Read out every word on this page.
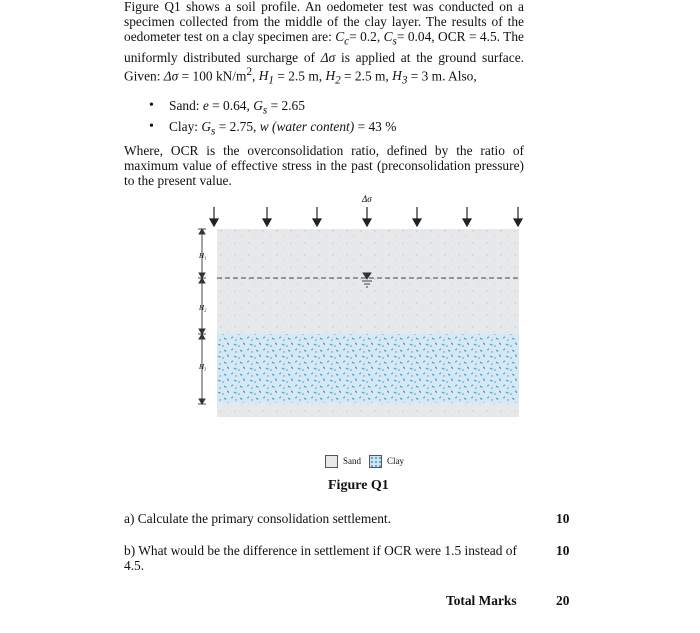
Figure Q1 shows a soil profile. An oedometer test was conducted on a specimen collected from the middle of the clay layer. The results of the oedometer test on a clay specimen are: $C_c= 0.2$, $C_s= 0.04$, OCR = 4.5. The uniformly distributed surcharge of Δσ is applied at the ground surface. Given: Δσ = 100 $kN/m^2$, $H_1 = 2.5$ m, $H_2 = 2.5$ m, $H_3 = 3$ m. Also,

• Sand: e = 0.64, $G_s = 2.65$
• Clay: $G_s = 2.75$, w (water content) = 43 %

Where, OCR is the overconsolidation ratio, defined by the ratio of maximum value of effective stress in the past (preconsolidation pressure) to the present value.

Δσ
H₁
H₂
H₃
Sand	Clay
Figure Q1
a) Calculate the primary consolidation settlement.	10
b) What would be the difference in settlement if OCR were 1.5 instead of 4.5.
10
Total Marks	20
